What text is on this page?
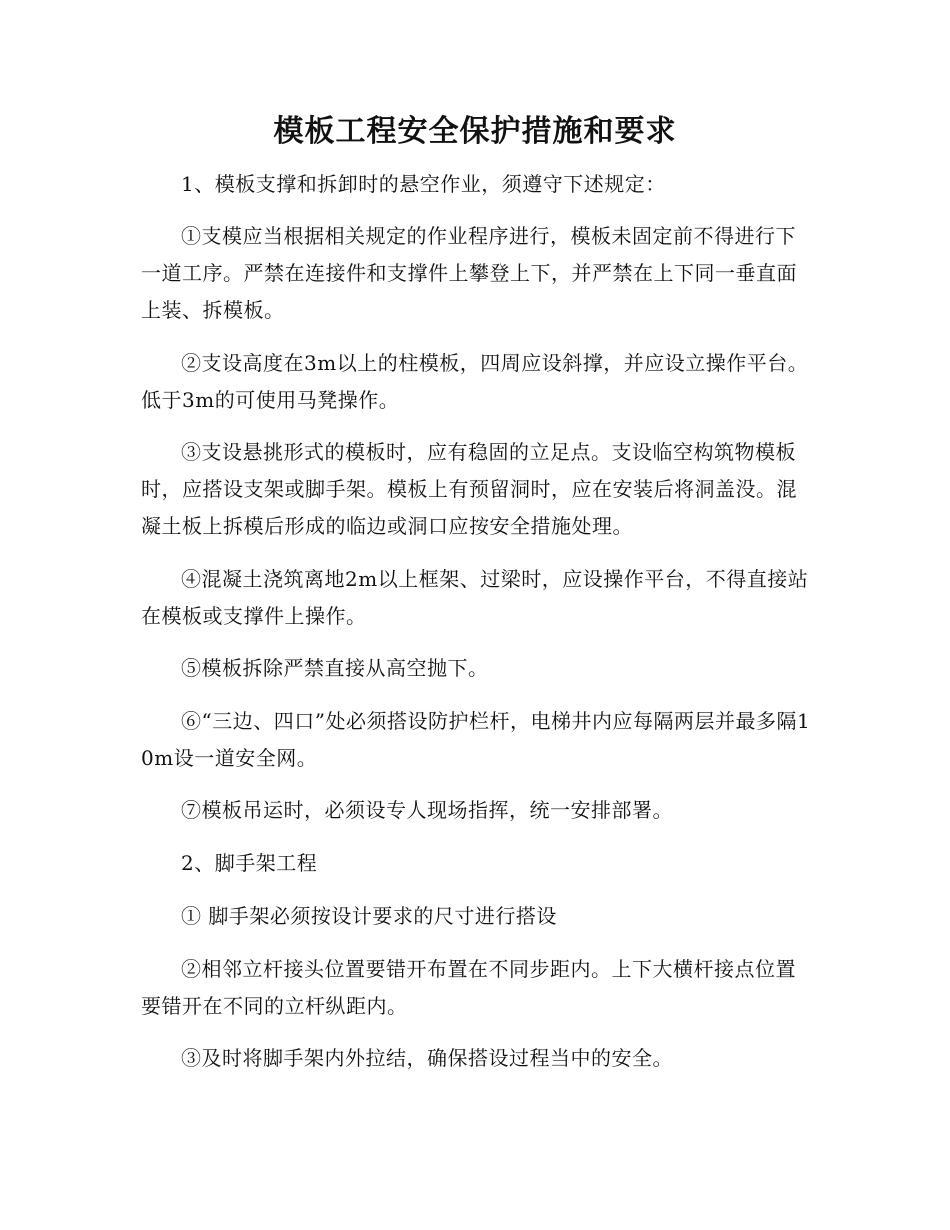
模板工程安全保护措施和要求

1、模板支撑和拆卸时的悬空作业，须遵守下述规定：

①支模应当根据相关规定的作业程序进行，模板未固定前不得进行下一道工序。严禁在连接件和支撑件上攀登上下，并严禁在上下同一垂直面上装、拆模板。

②支设高度在3m以上的柱模板，四周应设斜撑，并应设立操作平台。低于3m的可使用马凳操作。

③支设悬挑形式的模板时，应有稳固的立足点。支设临空构筑物模板时，应搭设支架或脚手架。模板上有预留洞时，应在安装后将洞盖没。混凝土板上拆模后形成的临边或洞口应按安全措施处理。

④混凝土浇筑离地2m以上框架、过梁时，应设操作平台，不得直接站在模板或支撑件上操作。

⑤模板拆除严禁直接从高空抛下。

⑥“三边、四口”处必须搭设防护栏杆，电梯井内应每隔两层并最多隔10m设一道安全网。

⑦模板吊运时，必须设专人现场指挥，统一安排部署。

2、脚手架工程

① 脚手架必须按设计要求的尺寸进行搭设

②相邻立杆接头位置要错开布置在不同步距内。上下大横杆接点位置要错开在不同的立杆纵距内。

③及时将脚手架内外拉结，确保搭设过程当中的安全。
